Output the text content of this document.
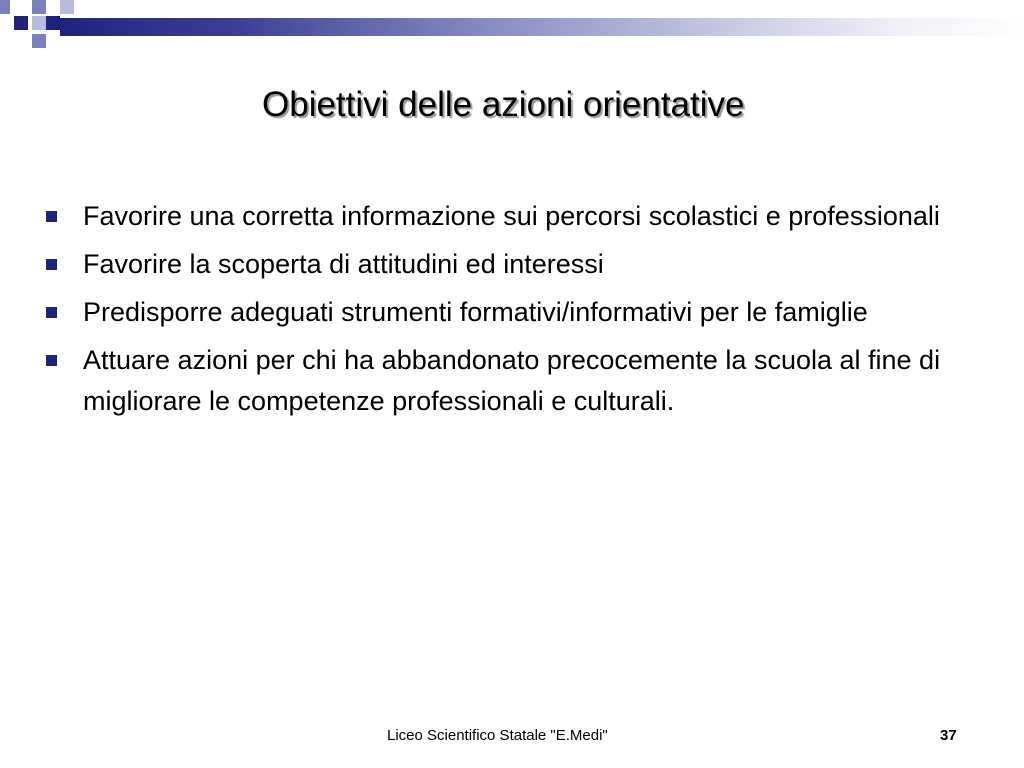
Obiettivi delle azioni orientative
Favorire una corretta informazione sui percorsi scolastici e professionali
Favorire la scoperta di attitudini ed interessi
Predisporre adeguati strumenti formativi/informativi per le famiglie
Attuare azioni per chi ha abbandonato precocemente la scuola al fine di migliorare le competenze professionali e culturali.
Liceo Scientifico Statale "E.Medi"	37
